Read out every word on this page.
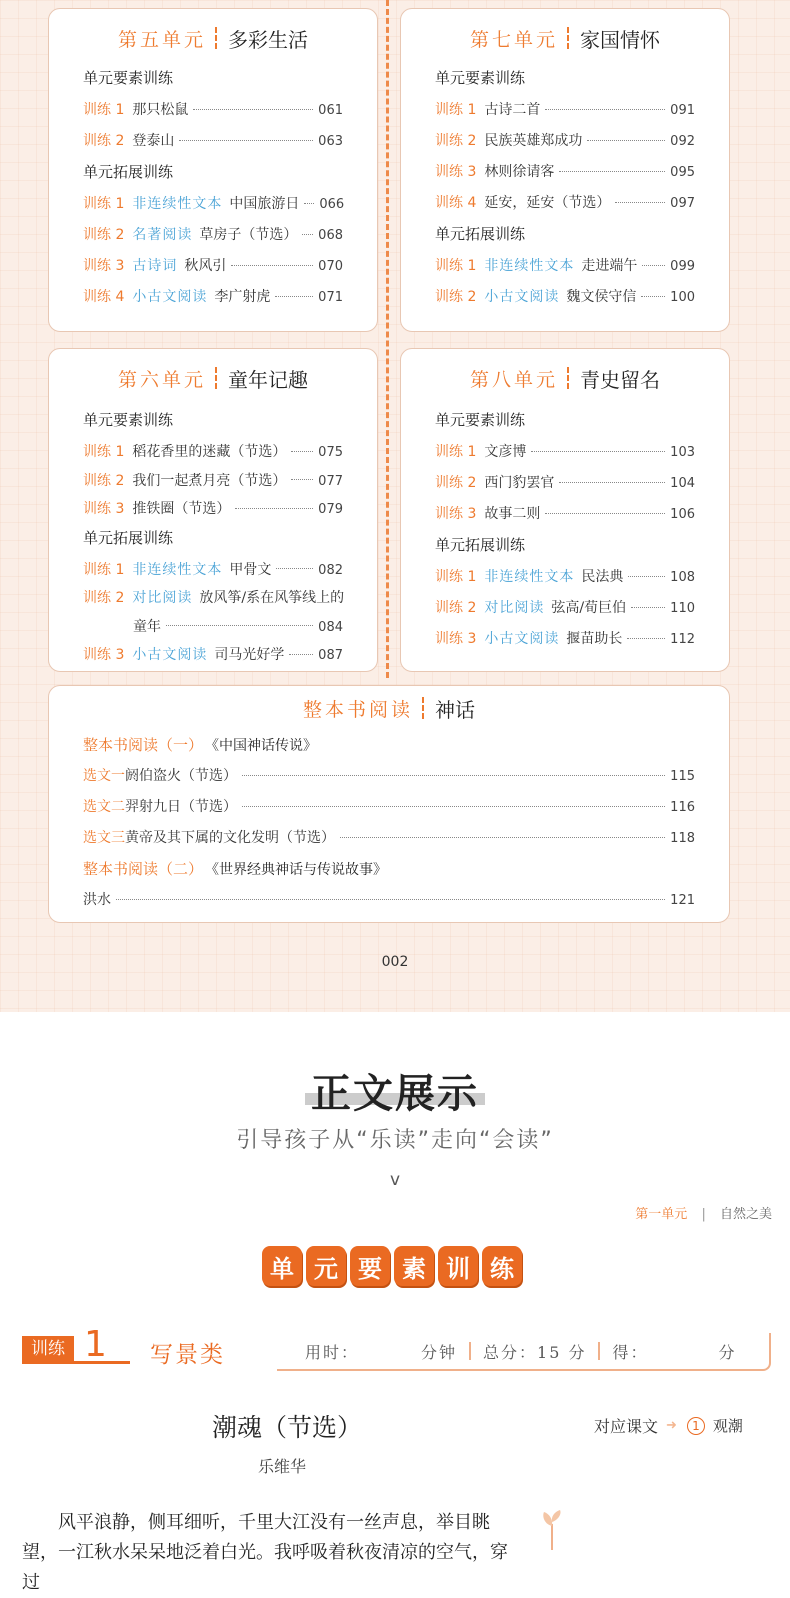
第五单元 多彩生活
单元要素训练
训练 1 那只松鼠	061
训练 2 登泰山	063
单元拓展训练
训练 1 非连续性文本 中国旅游日 066
训练 2 名著阅读 草房子（节选） 068
训练 3 古诗词 秋风引	070
训练 4 小古文阅读 李广射虎	071
第七单元 家国情怀
单元要素训练
训练 1 古诗二首	091
训练 2 民族英雄郑成功	092
训练 3 林则徐请客	095
训练 4 延安，延安（节选）	097
单元拓展训练
训练 1 非连续性文本 走进端午	099
训练 2 小古文阅读 魏文侯守信	100
第六单元 童年记趣
单元要素训练
训练 1 稻花香里的迷藏（节选） 075
训练 2 我们一起煮月亮（节选） 077
训练 3 推铁圈（节选）	079
单元拓展训练
训练 1 非连续性文本 甲骨文	082
训练 2 对比阅读 放风筝/系在风筝线上的
童年	084
训练 3 小古文阅读 司马光好学	087
第八单元 青史留名
单元要素训练
训练 1 文彦博	103
训练 2 西门豹罢官	104
训练 3 故事二则	106
单元拓展训练
训练 1 非连续性文本 民法典	108
训练 2 对比阅读 弦高/荀巨伯	110
训练 3 小古文阅读 揠苗助长	112
整本书阅读 神话
整本书阅读（一） 《中国神话传说》
选文一 阏伯盗火（节选）	115
选文二 羿射九日（节选）	116
选文三 黄帝及其下属的文化发明（节选）	118
整本书阅读（二） 《世界经典神话与传说故事》
洪水	121
002
正文展示
引导孩子从“乐读”走向“会读”
v
第一单元 | 自然之美
单 元 要 素 训 练
训练 1 写景类	用时：	分钟 总分：15 分 得：	分
潮魂（节选）
乐维华
对应课文 ➜	1 观潮

风平浪静，侧耳细听，千里大江没有一丝声息，举目眺望，一江秋水呆呆地泛着白光。我呼吸着秋夜清凉的空气，穿过
